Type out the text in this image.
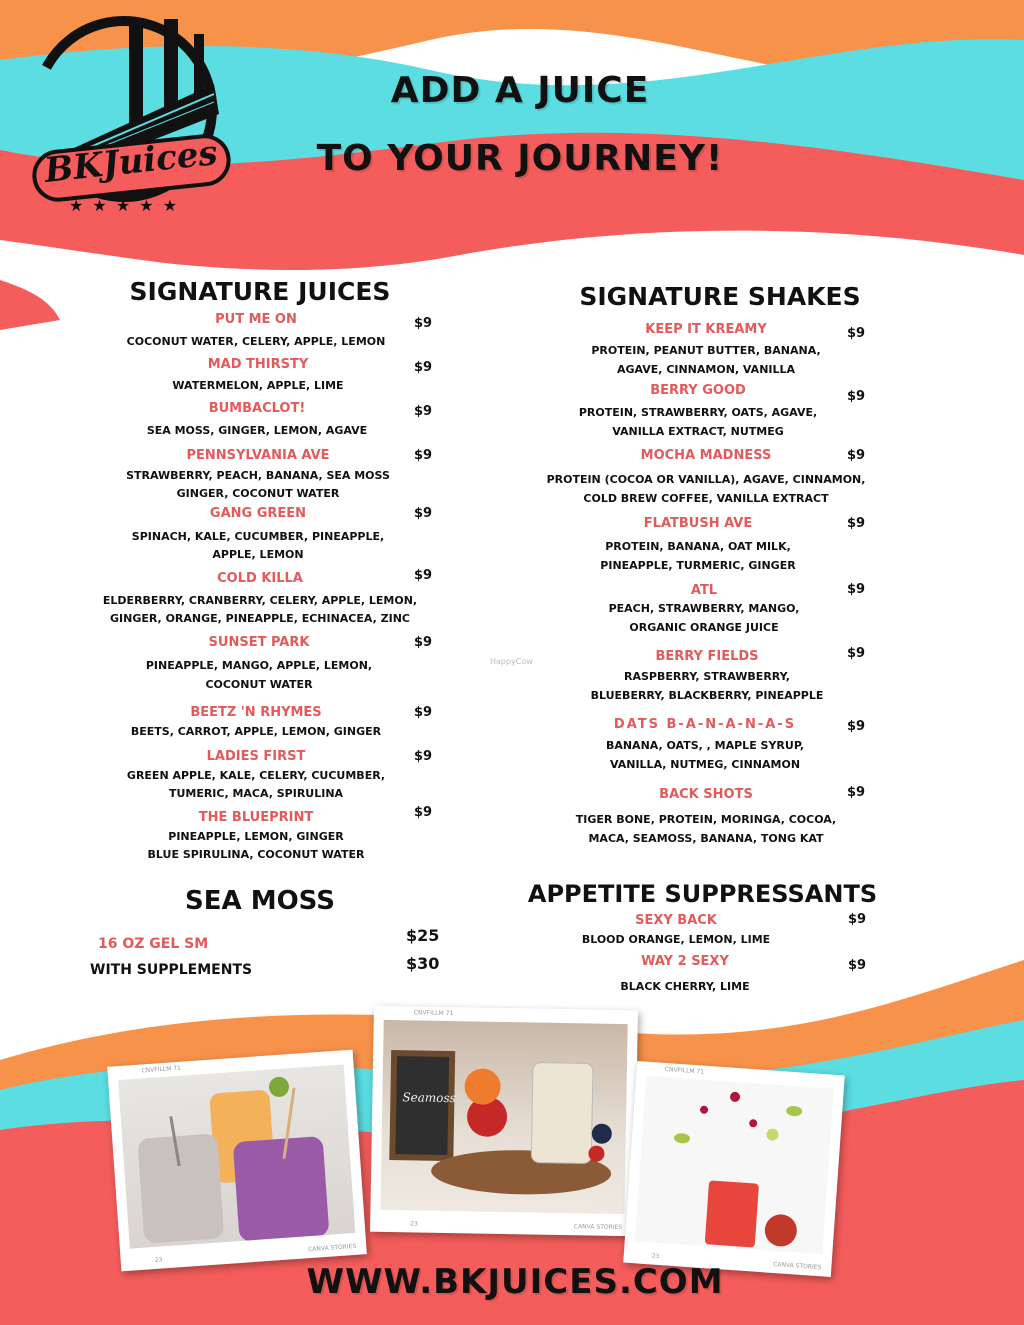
BKJuices
★ ★ ★ ★ ★
ADD A JUICE
TO YOUR JOURNEY!
SIGNATURE JUICES	SIGNATURE SHAKES
SEA MOSS	APPETITE SUPPRESSANTS
PUT ME ON	$9
COCONUT WATER, CELERY, APPLE, LEMON
MAD THIRSTY	$9
WATERMELON, APPLE, LIME
BUMBACLOT!	$9
SEA MOSS, GINGER, LEMON, AGAVE
PENNSYLVANIA AVE	$9
STRAWBERRY, PEACH, BANANA, SEA MOSS
GINGER, COCONUT WATER
GANG GREEN	$9
SPINACH, KALE, CUCUMBER, PINEAPPLE,
APPLE, LEMON
COLD KILLA	$9
ELDERBERRY, CRANBERRY, CELERY, APPLE, LEMON,
GINGER, ORANGE, PINEAPPLE, ECHINACEA, ZINC
SUNSET PARK	$9
PINEAPPLE, MANGO, APPLE, LEMON,
COCONUT WATER
BEETZ 'N RHYMES	$9
BEETS, CARROT, APPLE, LEMON, GINGER
LADIES FIRST	$9
GREEN APPLE, KALE, CELERY, CUCUMBER,
TUMERIC, MACA, SPIRULINA
THE BLUEPRINT	$9
PINEAPPLE, LEMON, GINGER
BLUE SPIRULINA, COCONUT WATER
KEEP IT KREAMY	$9
PROTEIN, PEANUT BUTTER, BANANA,
AGAVE, CINNAMON, VANILLA
BERRY GOOD	$9
PROTEIN, STRAWBERRY, OATS, AGAVE,
VANILLA EXTRACT, NUTMEG
MOCHA MADNESS	$9
PROTEIN (COCOA OR VANILLA), AGAVE, CINNAMON,
COLD BREW COFFEE, VANILLA EXTRACT
FLATBUSH AVE	$9
PROTEIN, BANANA, OAT MILK,
PINEAPPLE, TURMERIC, GINGER
ATL	$9
PEACH, STRAWBERRY, MANGO,
ORGANIC ORANGE JUICE
BERRY FIELDS	$9
RASPBERRY, STRAWBERRY,
BLUEBERRY, BLACKBERRY, PINEAPPLE
DATS B-A-N-A-N-A-S	$9
BANANA, OATS, , MAPLE SYRUP,
VANILLA, NUTMEG, CINNAMON
BACK SHOTS	$9
TIGER BONE, PROTEIN, MORINGA, COCOA,
MACA, SEAMOSS, BANANA, TONG KAT
SEXY BACK	$9
BLOOD ORANGE, LEMON, LIME
WAY 2 SEXY	$9
BLACK CHERRY, LIME
16 OZ GEL SM	$25
WITH SUPPLEMENTS	$30
HappyCow
CNVFILLM 71
23
CANVA STORIES
CNVFILLM 71
Seamoss
23	CANVA STORIES
CNVFILLM 71
23
CANVA STORIES
WWW.BKJUICES.COM
